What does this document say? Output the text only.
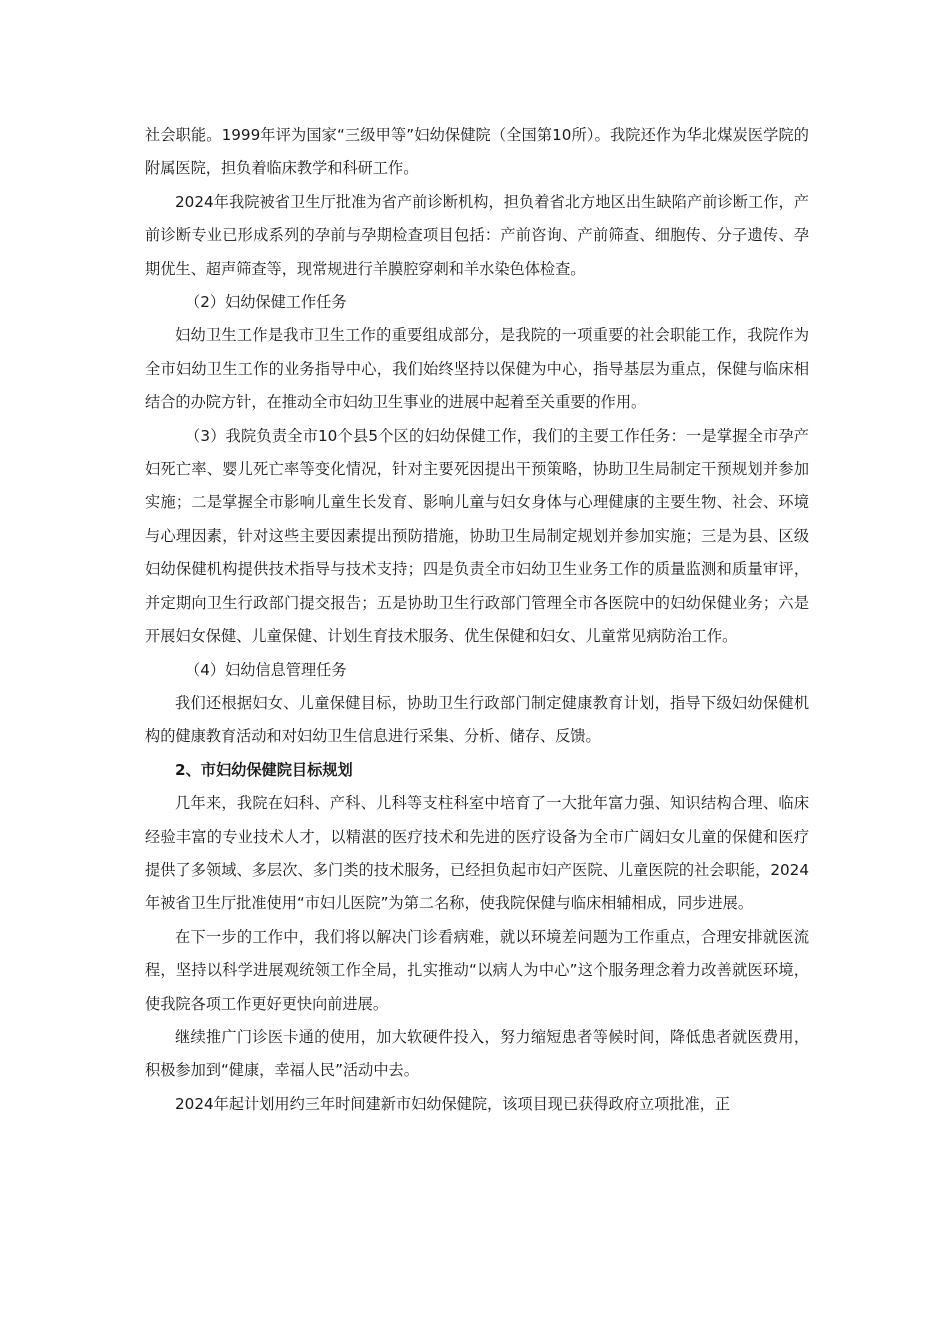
社会职能。1999年评为国家“三级甲等”妇幼保健院（全国第10所）。我院还作为华北煤炭医学院的附属医院，担负着临床教学和科研工作。

2024年我院被省卫生厅批准为省产前诊断机构，担负着省北方地区出生缺陷产前诊断工作，产前诊断专业已形成系列的孕前与孕期检查项目包括：产前咨询、产前筛查、细胞传、分子遗传、孕期优生、超声筛查等，现常规进行羊膜腔穿刺和羊水染色体检查。

（2）妇幼保健工作任务

妇幼卫生工作是我市卫生工作的重要组成部分，是我院的一项重要的社会职能工作，我院作为全市妇幼卫生工作的业务指导中心，我们始终坚持以保健为中心，指导基层为重点，保健与临床相结合的办院方针，在推动全市妇幼卫生事业的进展中起着至关重要的作用。

（3）我院负责全市10个县5个区的妇幼保健工作，我们的主要工作任务：一是掌握全市孕产妇死亡率、婴儿死亡率等变化情况，针对主要死因提出干预策略，协助卫生局制定干预规划并参加实施；二是掌握全市影响儿童生长发育、影响儿童与妇女身体与心理健康的主要生物、社会、环境与心理因素，针对这些主要因素提出预防措施，协助卫生局制定规划并参加实施；三是为县、区级妇幼保健机构提供技术指导与技术支持；四是负责全市妇幼卫生业务工作的质量监测和质量审评，并定期向卫生行政部门提交报告；五是协助卫生行政部门管理全市各医院中的妇幼保健业务；六是开展妇女保健、儿童保健、计划生育技术服务、优生保健和妇女、儿童常见病防治工作。

（4）妇幼信息管理任务

我们还根据妇女、儿童保健目标，协助卫生行政部门制定健康教育计划，指导下级妇幼保健机构的健康教育活动和对妇幼卫生信息进行采集、分析、储存、反馈。

2、市妇幼保健院目标规划

几年来，我院在妇科、产科、儿科等支柱科室中培育了一大批年富力强、知识结构合理、临床经验丰富的专业技术人才，以精湛的医疗技术和先进的医疗设备为全市广阔妇女儿童的保健和医疗提供了多领域、多层次、多门类的技术服务，已经担负起市妇产医院、儿童医院的社会职能，2024年被省卫生厅批准使用“市妇儿医院”为第二名称，使我院保健与临床相辅相成，同步进展。

在下一步的工作中，我们将以解决门诊看病难，就以环境差问题为工作重点，合理安排就医流程，坚持以科学进展观统领工作全局，扎实推动“以病人为中心”这个服务理念着力改善就医环境，使我院各项工作更好更快向前进展。

继续推广门诊医卡通的使用，加大软硬件投入，努力缩短患者等候时间，降低患者就医费用，积极参加到“健康，幸福人民”活动中去。

2024年起计划用约三年时间建新市妇幼保健院，该项目现已获得政府立项批准，正
